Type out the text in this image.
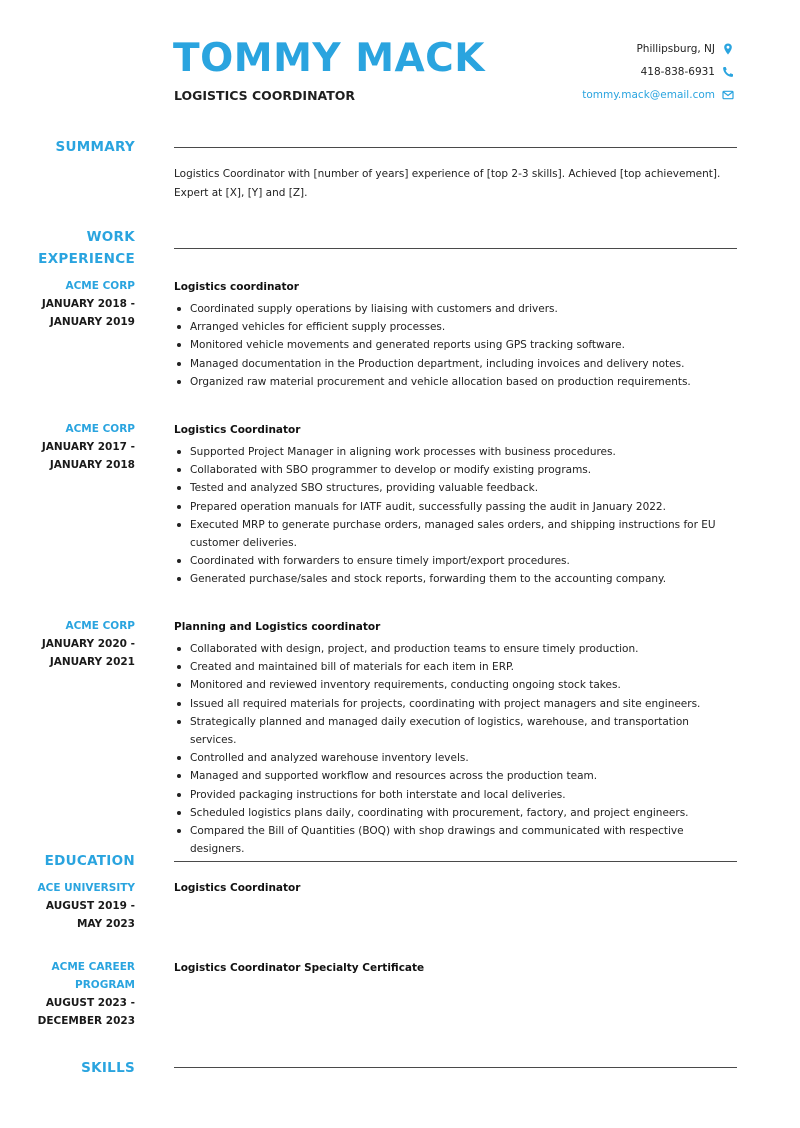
TOMMY MACK
LOGISTICS COORDINATOR
Phillipsburg, NJ
418-838-6931
tommy.mack@email.com
SUMMARY
Logistics Coordinator with [number of years] experience of [top 2-3 skills]. Achieved [top achievement]. Expert at [X], [Y] and [Z].
WORK
EXPERIENCE
ACME CORP
JANUARY 2018 -
JANUARY 2019
Logistics coordinator
Coordinated supply operations by liaising with customers and drivers.
Arranged vehicles for efficient supply processes.
Monitored vehicle movements and generated reports using GPS tracking software.
Managed documentation in the Production department, including invoices and delivery notes.
Organized raw material procurement and vehicle allocation based on production requirements.
ACME CORP
JANUARY 2017 -
JANUARY 2018
Logistics Coordinator
Supported Project Manager in aligning work processes with business procedures.
Collaborated with SBO programmer to develop or modify existing programs.
Tested and analyzed SBO structures, providing valuable feedback.
Prepared operation manuals for IATF audit, successfully passing the audit in January 2022.
Executed MRP to generate purchase orders, managed sales orders, and shipping instructions for EU customer deliveries.
Coordinated with forwarders to ensure timely import/export procedures.
Generated purchase/sales and stock reports, forwarding them to the accounting company.
ACME CORP
JANUARY 2020 -
JANUARY 2021
Planning and Logistics coordinator
Collaborated with design, project, and production teams to ensure timely production.
Created and maintained bill of materials for each item in ERP.
Monitored and reviewed inventory requirements, conducting ongoing stock takes.
Issued all required materials for projects, coordinating with project managers and site engineers.
Strategically planned and managed daily execution of logistics, warehouse, and transportation services.
Controlled and analyzed warehouse inventory levels.
Managed and supported workflow and resources across the production team.
Provided packaging instructions for both interstate and local deliveries.
Scheduled logistics plans daily, coordinating with procurement, factory, and project engineers.
Compared the Bill of Quantities (BOQ) with shop drawings and communicated with respective designers.
EDUCATION
ACE UNIVERSITY
AUGUST 2019 -
MAY 2023
Logistics Coordinator
ACME CAREER
PROGRAM
AUGUST 2023 -
DECEMBER 2023
Logistics Coordinator Specialty Certificate
SKILLS
